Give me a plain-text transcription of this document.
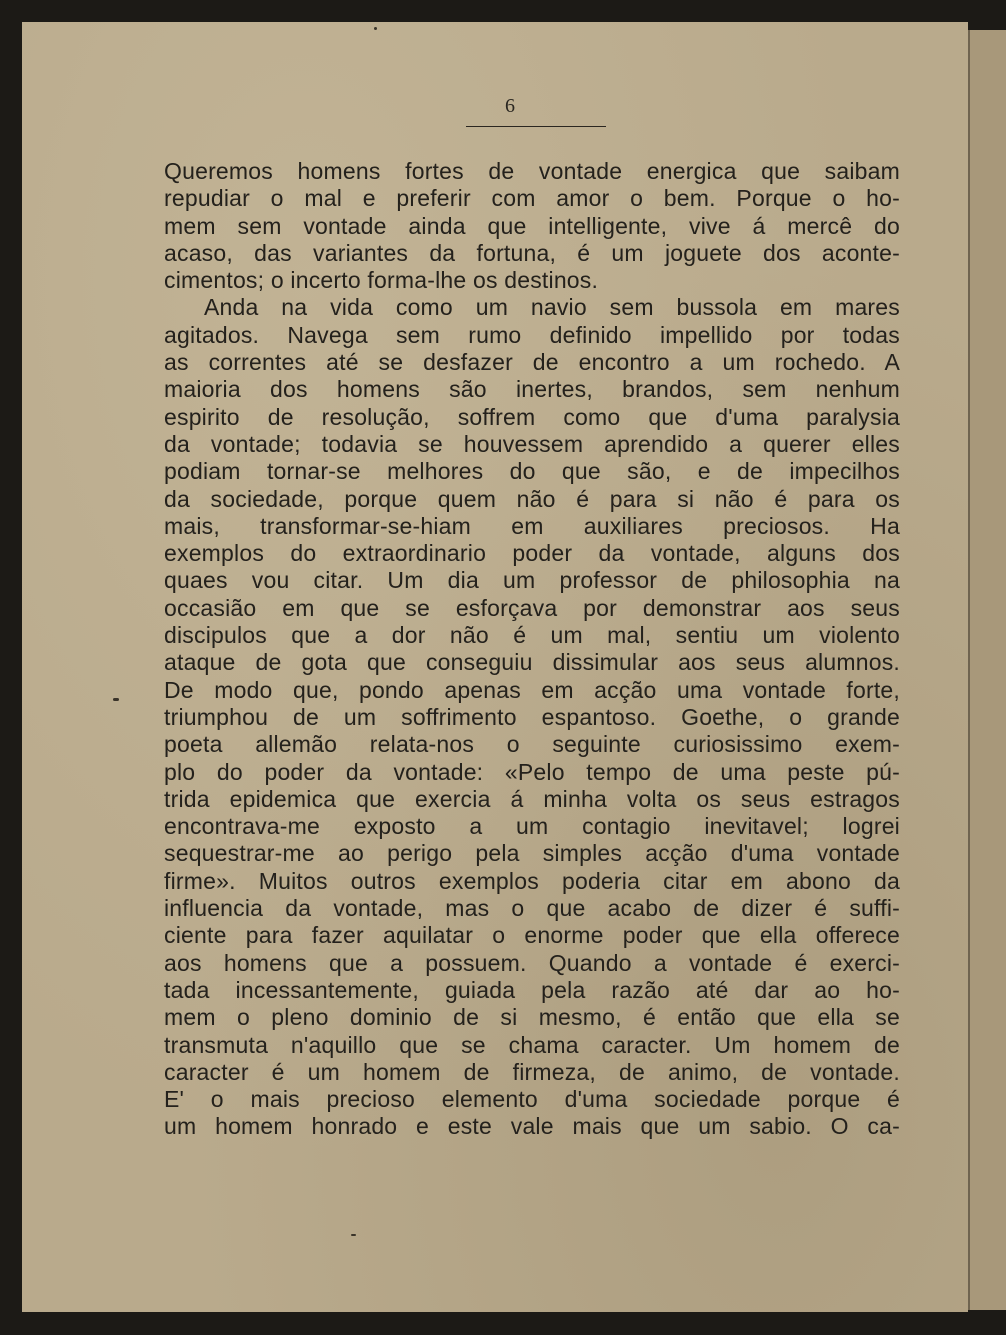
6
Queremos homens fortes de vontade energica que saibam
repudiar o mal e preferir com amor o bem. Porque o ho-
mem sem vontade ainda que intelligente, vive á mercê do
acaso, das variantes da fortuna, é um joguete dos aconte-
cimentos; o incerto forma-lhe os destinos.
Anda na vida como um navio sem bussola em mares
agitados. Navega sem rumo definido impellido por todas
as correntes até se desfazer de encontro a um rochedo. A
maioria dos homens são inertes, brandos, sem nenhum
espirito de resolução, soffrem como que d'uma paralysia
da vontade; todavia se houvessem aprendido a querer elles
podiam tornar-se melhores do que são, e de impecilhos
da sociedade, porque quem não é para si não é para os
mais, transformar-se-hiam em auxiliares preciosos. Ha
exemplos do extraordinario poder da vontade, alguns dos
quaes vou citar. Um dia um professor de philosophia na
occasião em que se esforçava por demonstrar aos seus
discipulos que a dor não é um mal, sentiu um violento
ataque de gota que conseguiu dissimular aos seus alumnos.
De modo que, pondo apenas em acção uma vontade forte,
triumphou de um soffrimento espantoso. Goethe, o grande
poeta allemão relata-nos o seguinte curiosissimo exem-
plo do poder da vontade: «Pelo tempo de uma peste pú-
trida epidemica que exercia á minha volta os seus estragos
encontrava-me exposto a um contagio inevitavel; logrei
sequestrar-me ao perigo pela simples acção d'uma vontade
firme». Muitos outros exemplos poderia citar em abono da
influencia da vontade, mas o que acabo de dizer é suffi-
ciente para fazer aquilatar o enorme poder que ella offerece
aos homens que a possuem. Quando a vontade é exerci-
tada incessantemente, guiada pela razão até dar ao ho-
mem o pleno dominio de si mesmo, é então que ella se
transmuta n'aquillo que se chama caracter. Um homem de
caracter é um homem de firmeza, de animo, de vontade.
E' o mais precioso elemento d'uma sociedade porque é
um homem honrado e este vale mais que um sabio. O ca-
